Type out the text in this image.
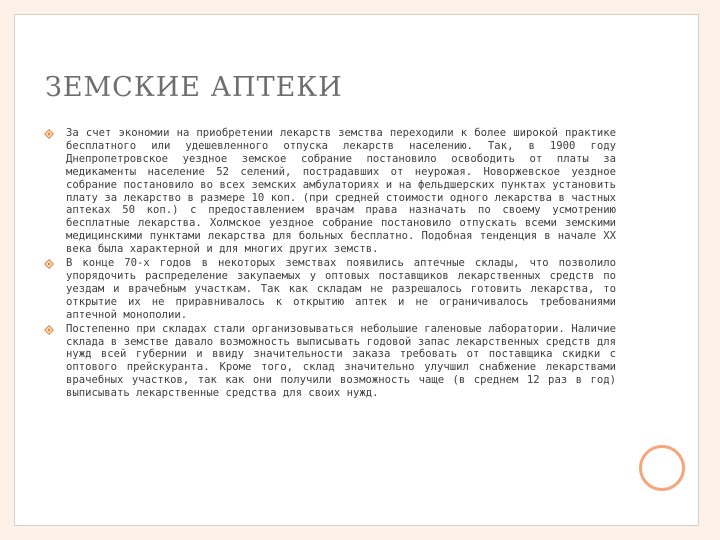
ЗЕМСКИЕ АПТЕКИ
За счет экономии на приобретении лекарств земства переходили к более широкой практике бесплатного или удешевленного отпуска лекарств населению. Так, в 1900 году Днепропетровское уездное земское собрание постановило освободить от платы за медикаменты население 52 селений, пострадавших от неурожая. Новоржевское уездное собрание постановило во всех земских амбулаториях и на фельдшерских пунктах установить плату за лекарство в размере 10 коп. (при средней стоимости одного лекарства в частных аптеках 50 коп.) с предоставлением врачам права назначать по своему усмотрению бесплатные лекарства. Холмское уездное собрание постановило отпускать всеми земскими медицинскими пунктами лекарства для больных бесплатно. Подобная тенденция в начале XX века была характерной и для многих других земств.
В конце 70-х годов в некоторых земствах появились аптечные склады, что позволило упорядочить распределение закупаемых у оптовых поставщиков лекарственных средств по уездам и врачебным участкам. Так как складам не разрешалось готовить лекарства, то открытие их не приравнивалось к открытию аптек и не ограничивалось требованиями аптечной монополии.
Постепенно при складах стали организовываться небольшие галеновые лаборатории. Наличие склада в земстве давало возможность выписывать годовой запас лекарственных средств для нужд всей губернии и ввиду значительности заказа требовать от поставщика скидки с оптового прейскуранта. Кроме того, склад значительно улучшил снабжение лекарствами врачебных участков, так как они получили возможность чаще (в среднем 12 раз в год) выписывать лекарственные средства для своих нужд.
